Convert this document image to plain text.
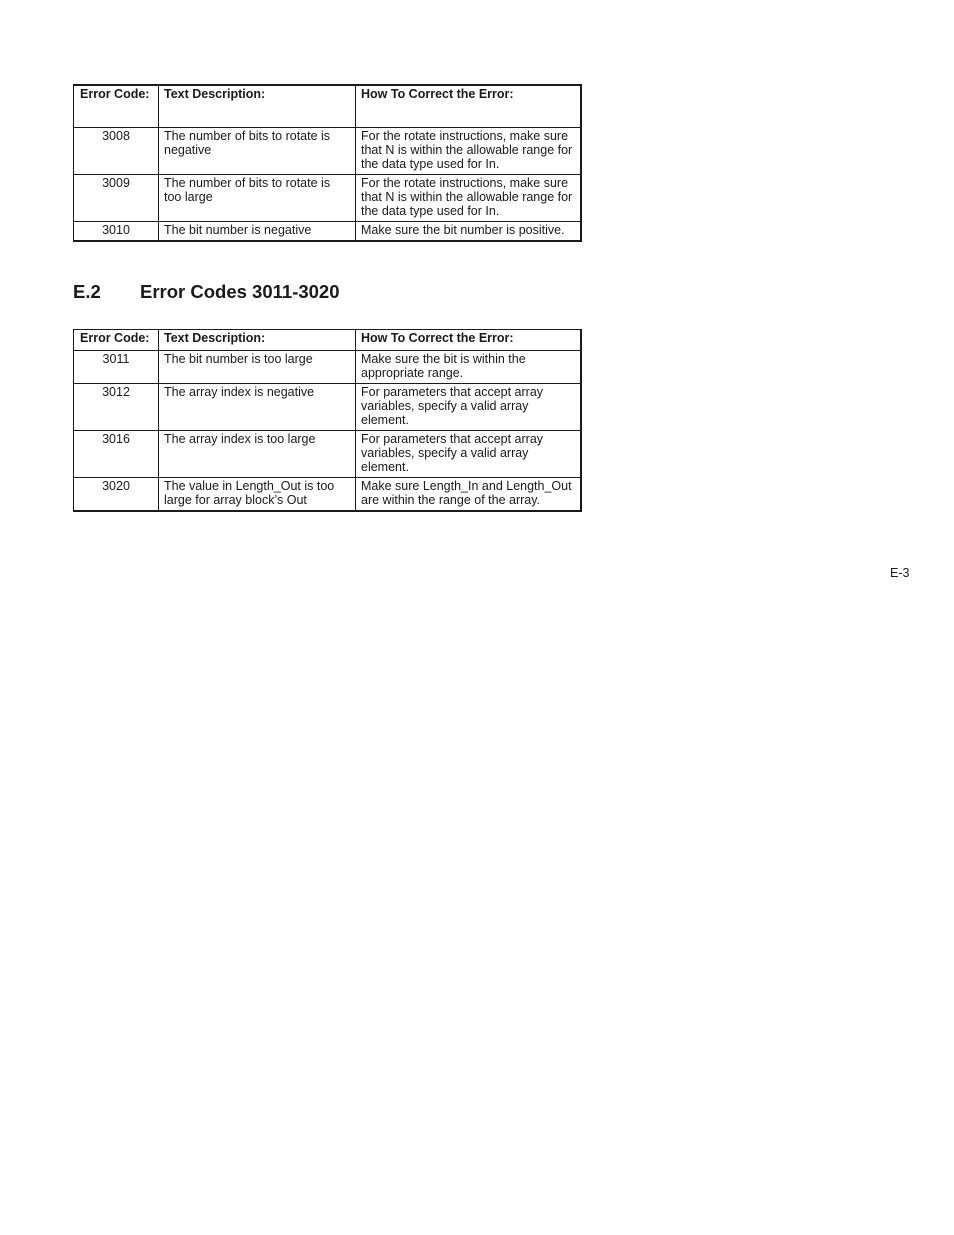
Error Code:	Text Description:	How To Correct the Error:
3008	The number of bits to rotate is negative	For the rotate instructions, make sure that N is within the allowable range for the data type used for In.
3009	The number of bits to rotate is too large	For the rotate instructions, make sure that N is within the allowable range for the data type used for In.
3010	The bit number is negative	Make sure the bit number is positive.
E.2 Error Codes 3011-3020
Error Code:	Text Description:	How To Correct the Error:
3011	The bit number is too large	Make sure the bit is within the appropriate range.
3012	The array index is negative	For parameters that accept array variables, specify a valid array element.
3016	The array index is too large	For parameters that accept array variables, specify a valid array element.
3020	The value in Length_Out is too large for array block’s Out	Make sure Length_In and Length_Out are within the range of the array.
E-3
